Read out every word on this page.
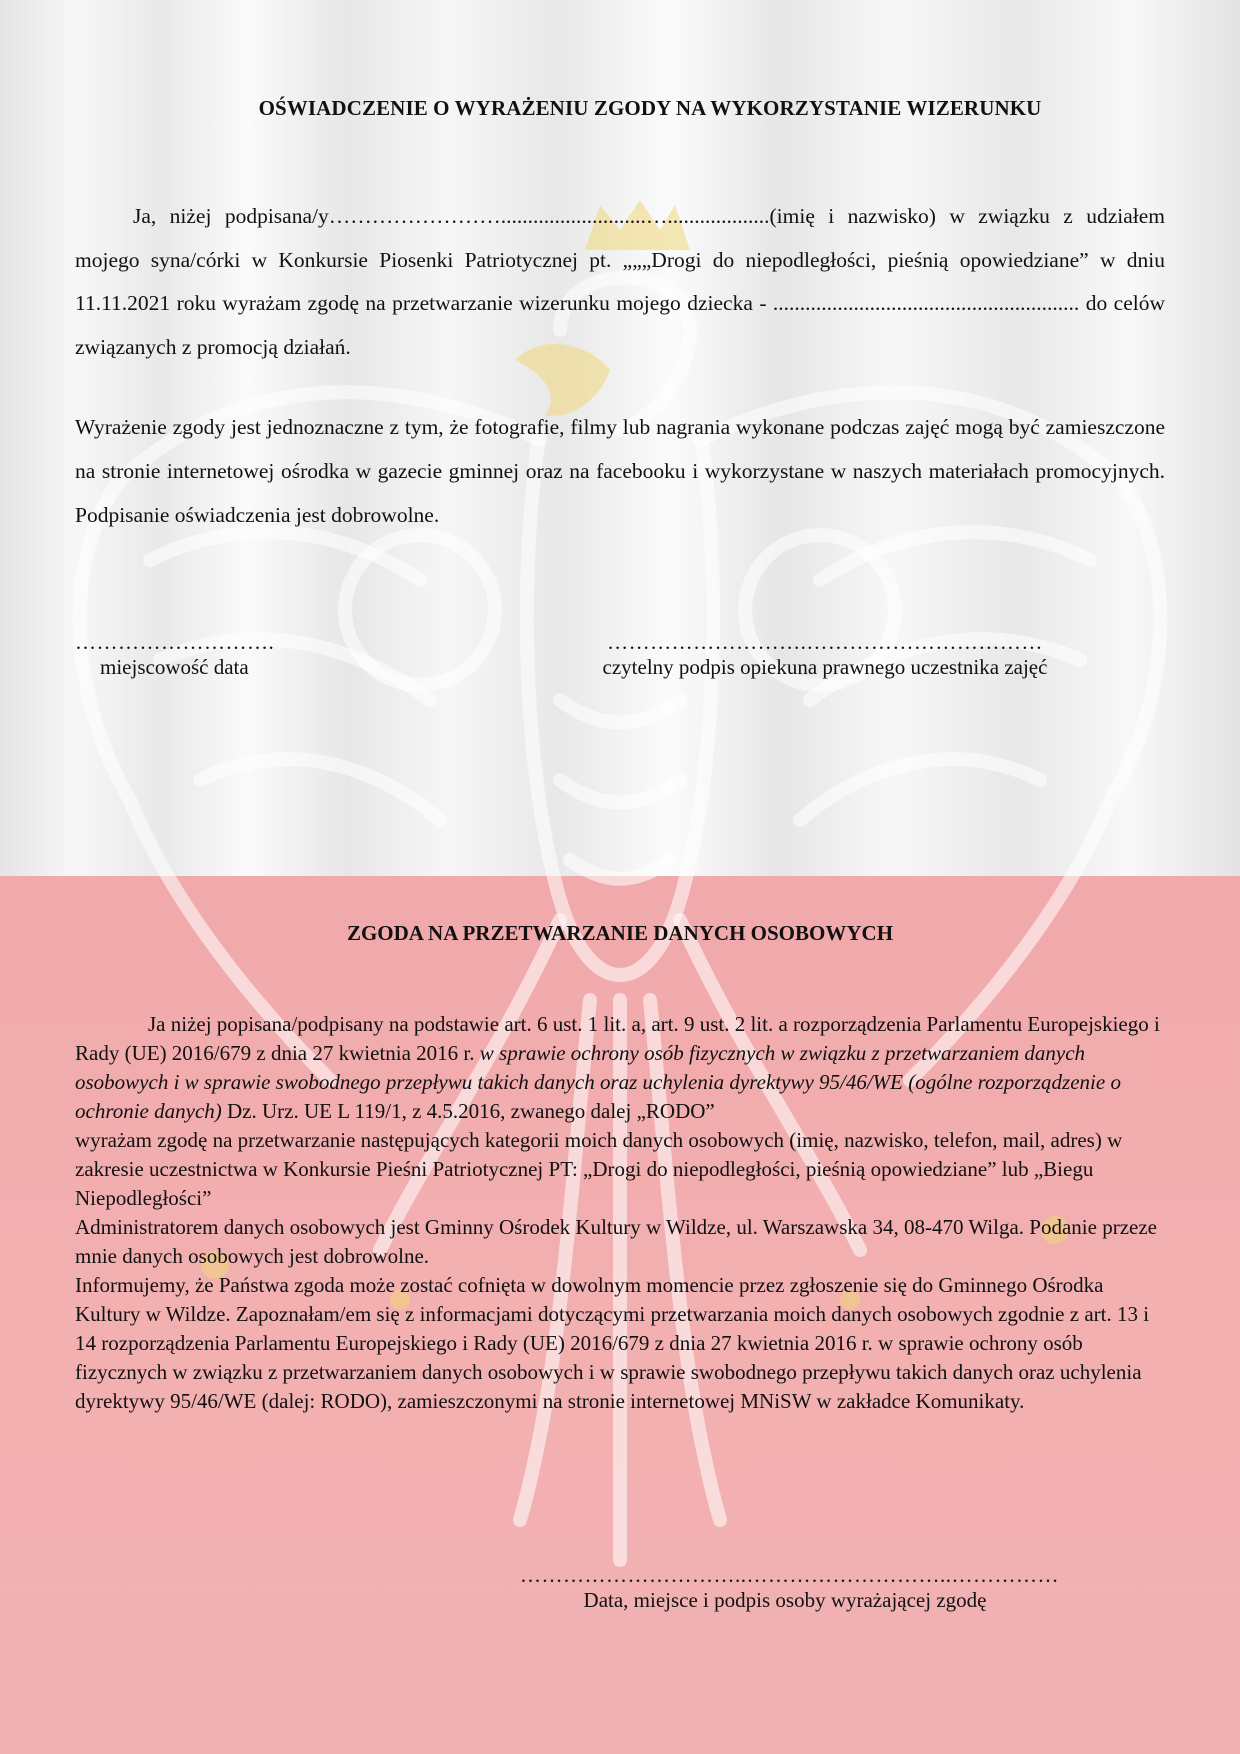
OŚWIADCZENIE O WYRAŻENIU ZGODY NA WYKORZYSTANIE WIZERUNKU
Ja, niżej podpisana/y……………………...........................…...................(imię i nazwisko) w związku z udziałem mojego syna/córki w Konkursie Piosenki Patriotycznej pt. „„„Drogi do niepodległości, pieśnią opowiedziane” w dniu 11.11.2021 roku wyrażam zgodę na przetwarzanie wizerunku mojego dziecka - ......................................................... do celów związanych z promocją działań.
Wyrażenie zgody jest jednoznaczne z tym, że fotografie, filmy lub nagrania wykonane podczas zajęć mogą być zamieszczone na stronie internetowej ośrodka w gazecie gminnej oraz na facebooku i wykorzystane w naszych materiałach promocyjnych. Podpisanie oświadczenia jest dobrowolne.
……………………….
miejscowość data
……………………….……………………………
czytelny podpis opiekuna prawnego uczestnika zajęć
ZGODA NA PRZETWARZANIE DANYCH OSOBOWYCH

Ja niżej popisana/podpisany na podstawie art. 6 ust. 1 lit. a, art. 9 ust. 2 lit. a rozporządzenia Parlamentu Europejskiego i Rady (UE) 2016/679 z dnia 27 kwietnia 2016 r. w sprawie ochrony osób fizycznych w związku z przetwarzaniem danych osobowych i w sprawie swobodnego przepływu takich danych oraz uchylenia dyrektywy 95/46/WE (ogólne rozporządzenie o ochronie danych) Dz. Urz. UE L 119/1, z 4.5.2016, zwanego dalej „RODO”

wyrażam zgodę na przetwarzanie następujących kategorii moich danych osobowych (imię, nazwisko, telefon, mail, adres) w zakresie uczestnictwa w Konkursie Pieśni Patriotycznej PT: „Drogi do niepodległości, pieśnią opowiedziane” lub „Biegu Niepodległości”

Administratorem danych osobowych jest Gminny Ośrodek Kultury w Wildze, ul. Warszawska 34, 08-470 Wilga. Podanie przeze mnie danych osobowych jest dobrowolne.

Informujemy, że Państwa zgoda może zostać cofnięta w dowolnym momencie przez zgłoszenie się do Gminnego Ośrodka Kultury w Wildze. Zapoznałam/em się z informacjami dotyczącymi przetwarzania moich danych osobowych zgodnie z art. 13 i 14 rozporządzenia Parlamentu Europejskiego i Rady (UE) 2016/679 z dnia 27 kwietnia 2016 r. w sprawie ochrony osób fizycznych w związku z przetwarzaniem danych osobowych i w sprawie swobodnego przepływu takich danych oraz uchylenia dyrektywy 95/46/WE (dalej: RODO), zamieszczonymi na stronie internetowej MNiSW w zakładce Komunikaty.

…………………………..………………………..……………
Data, miejsce i podpis osoby wyrażającej zgodę
